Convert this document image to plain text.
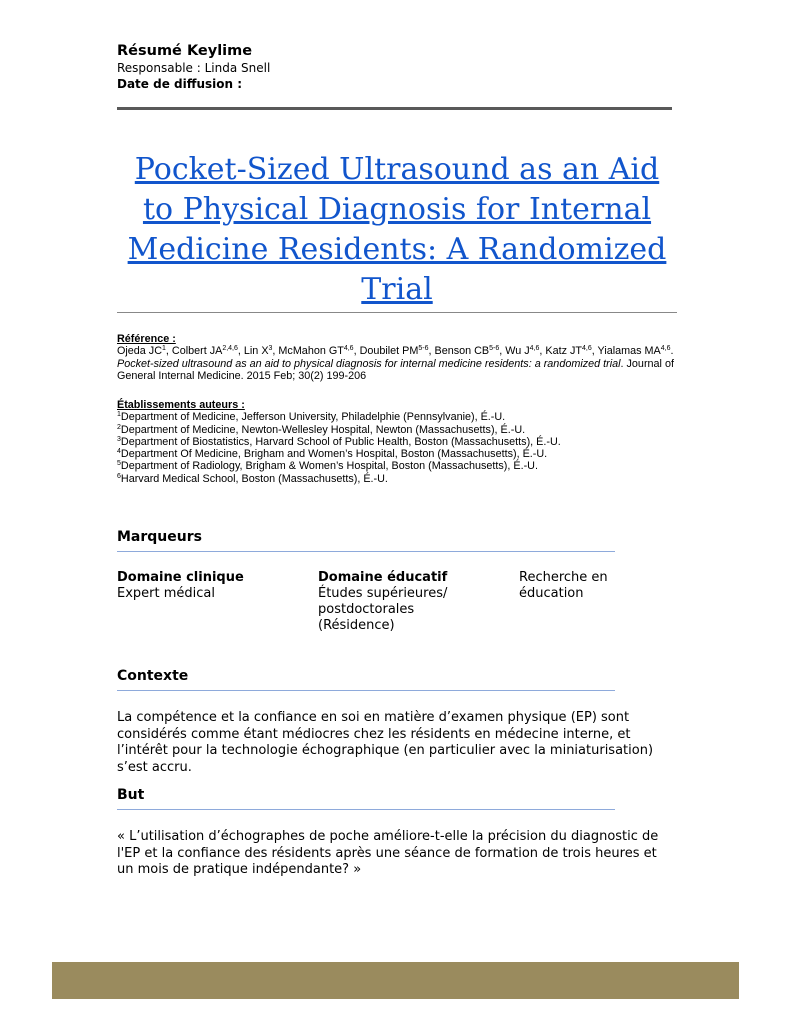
Résumé Keylime
Responsable : Linda Snell
Date de diffusion :
Pocket-Sized Ultrasound as an Aid to Physical Diagnosis for Internal Medicine Residents: A Randomized Trial
Référence :
Ojeda $JC^1$, Colbert JA$^{2,4,6}$, Lin $X^3$, McMahon GT$^{4,6}$, Doubilet PM$^{5-6}$, Benson CB$^{5-6}$, Wu J$^{4,6}$, Katz JT$^{4,6}$, Yialamas MA$^{4,6}$. Pocket-sized ultrasound as an aid to physical diagnosis for internal medicine residents: a randomized trial. Journal of General Internal Medicine. 2015 Feb; 30(2) 199-206
Établissements auteurs :
$^1$Department of Medicine, Jefferson University, Philadelphie (Pennsylvanie), É.-U.
$^2$Department of Medicine, Newton-Wellesley Hospital, Newton (Massachusetts), É.-U.
$^3$Department of Biostatistics, Harvard School of Public Health, Boston (Massachusetts), É.-U.
$^4$Department Of Medicine, Brigham and Women’s Hospital, Boston (Massachusetts), É.-U.
$^5$Department of Radiology, Brigham & Women’s Hospital, Boston (Massachusetts), É.-U.
$^6$Harvard Medical School, Boston (Massachusetts), É.-U.
Marqueurs
Domaine clinique
Expert médical
Domaine éducatif
Études supérieures/ postdoctorales (Résidence)
Recherche en éducation
Contexte
La compétence et la confiance en soi en matière d’examen physique (EP) sont considérés comme étant médiocres chez les résidents en médecine interne, et l’intérêt pour la technologie échographique (en particulier avec la miniaturisation) s’est accru.
But
« L’utilisation d’échographes de poche améliore-t-elle la précision du diagnostic de l'EP et la confiance des résidents après une séance de formation de trois heures et un mois de pratique indépendante? »
